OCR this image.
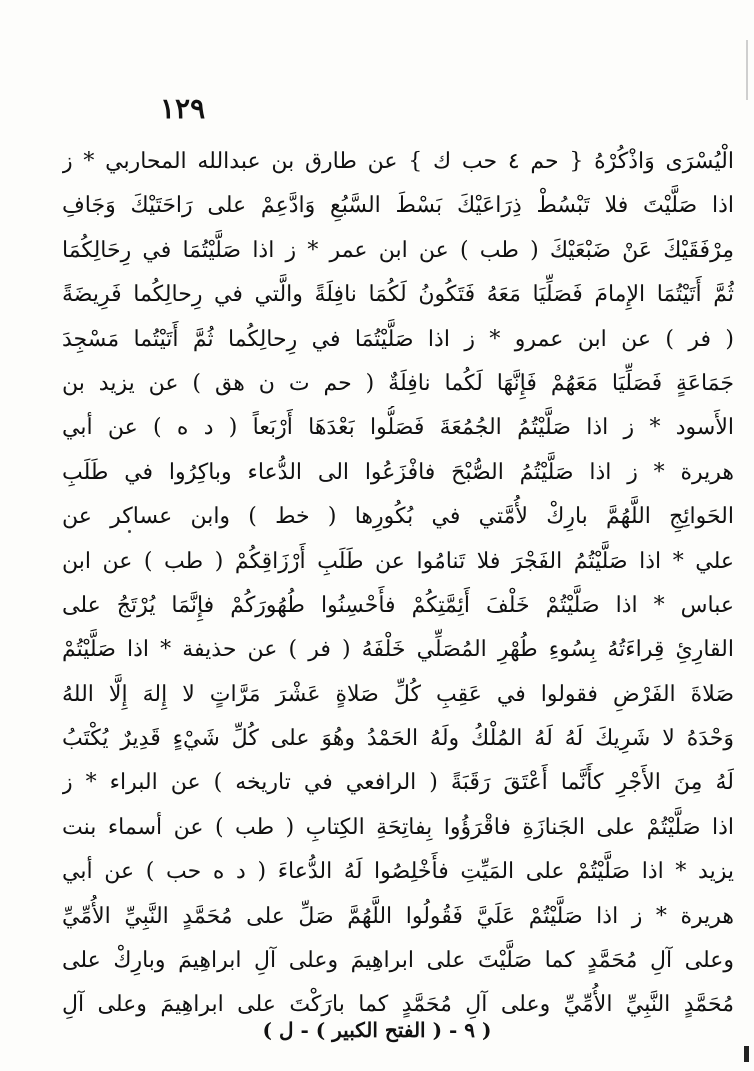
١٢٩
الْيُسْرَى وَاذْكُرْهُ { حم ٤ حب ك } عن طارق بن عبدالله المحاربي * ز
اذا صَلَّيْتَ فلا تَبْسُطْ ذِرَاعَيْكَ بَسْطَ السَّبُعِ وَادَّعِمْ على رَاحَتَيْكَ وَجَافِ
مِرْفَقَيْكَ عَنْ ضَبْعَيْكَ ( طب ) عن ابن عمر * ز اذا صَلَّيْتُمَا في رِحَالِكُمَا
ثُمَّ أَتَيْتُمَا الإِمامَ فَصَلِّيَا مَعَهُ فَتَكُونُ لَكُمَا نافِلَةً والَّتي في رِحالِكُما فَرِيضَةً
( فر ) عن ابن عمرو * ز اذا صَلَّيْتُمَا في رِحالِكُما ثُمَّ أَتَيْتُما مَسْجِدَ
جَمَاعَةٍ فَصَلِّيَا مَعَهُمْ فَإِنَّهَا لَكُما نافِلَةٌ ( حم ت ن هق ) عن يزيد بن
الأَسود * ز اذا صَلَّيْتُمُ الجُمُعَةَ فَصَلُّوا بَعْدَهَا أَرْبَعاً ( د ه ) عن أبي
هريرة * ز اذا صَلَّيْتُمُ الصُّبْحَ فافْزَعُوا الى الدُّعاء وباكِرُوا في طَلَبِ
الحَوائِجِ اللَّهُمَّ بارِكْ لأُمَّتي في بُكُورِها ( خط ) وابن عساكر عن
علي * اذا صَلَّيْتُمُ الفَجْرَ فلا تَنامُوا عن طَلَبِ أَرْزَاقِكُمْ ( طب ) عن ابن
عباس * اذا صَلَّيْتُمْ خَلْفَ أَئِمَّتِكُمْ فأَحْسِنُوا طُهُورَكُمْ فإِنَّمَا يُرْتَجُ على
القارِئِ قِراءَتُهُ بِسُوءِ طُهْرِ المُصَلِّي خَلْفَهُ ( فر ) عن حذيفة * اذا صَلَّيْتُمْ
صَلاةَ الفَرْضِ فقولوا في عَقِبِ كُلِّ صَلاةٍ عَشْرَ مَرَّاتٍ لا إِلهَ إِلَّا اللهُ
وَحْدَهُ لا شَرِيكَ لَهُ لَهُ المُلْكُ ولَهُ الحَمْدُ وهُوَ على كُلِّ شَيْءٍ قَدِيرٌ يُكْتَبُ
لَهُ مِنَ الأَجْرِ كأَنَّما أَعْتَقَ رَقَبَةً ( الرافعي في تاريخه ) عن البراء * ز
اذا صَلَّيْتُمْ على الجَنازَةِ فاقْرَؤُوا بِفاتِحَةِ الكِتابِ ( طب ) عن أسماء بنت
يزيد * اذا صَلَّيْتُمْ على المَيِّتِ فأَخْلِصُوا لَهُ الدُّعاءَ ( د ه حب ) عن أبي
هريرة * ز اذا صَلَّيْتُمْ عَلَيَّ فَقُولُوا اللَّهُمَّ صَلِّ على مُحَمَّدٍ النَّبِيِّ الأُمِّيِّ
وعلى آلِ مُحَمَّدٍ كما صَلَّيْتَ على ابراهِيمَ وعلى آلِ ابراهِيمَ وبارِكْ على
مُحَمَّدٍ النَّبِيِّ الأُمِّيِّ وعلى آلِ مُحَمَّدٍ كما بارَكْتَ على ابراهِيمَ وعلى آلِ
( ٩ - ( الفتح الكبير ) - ل )
